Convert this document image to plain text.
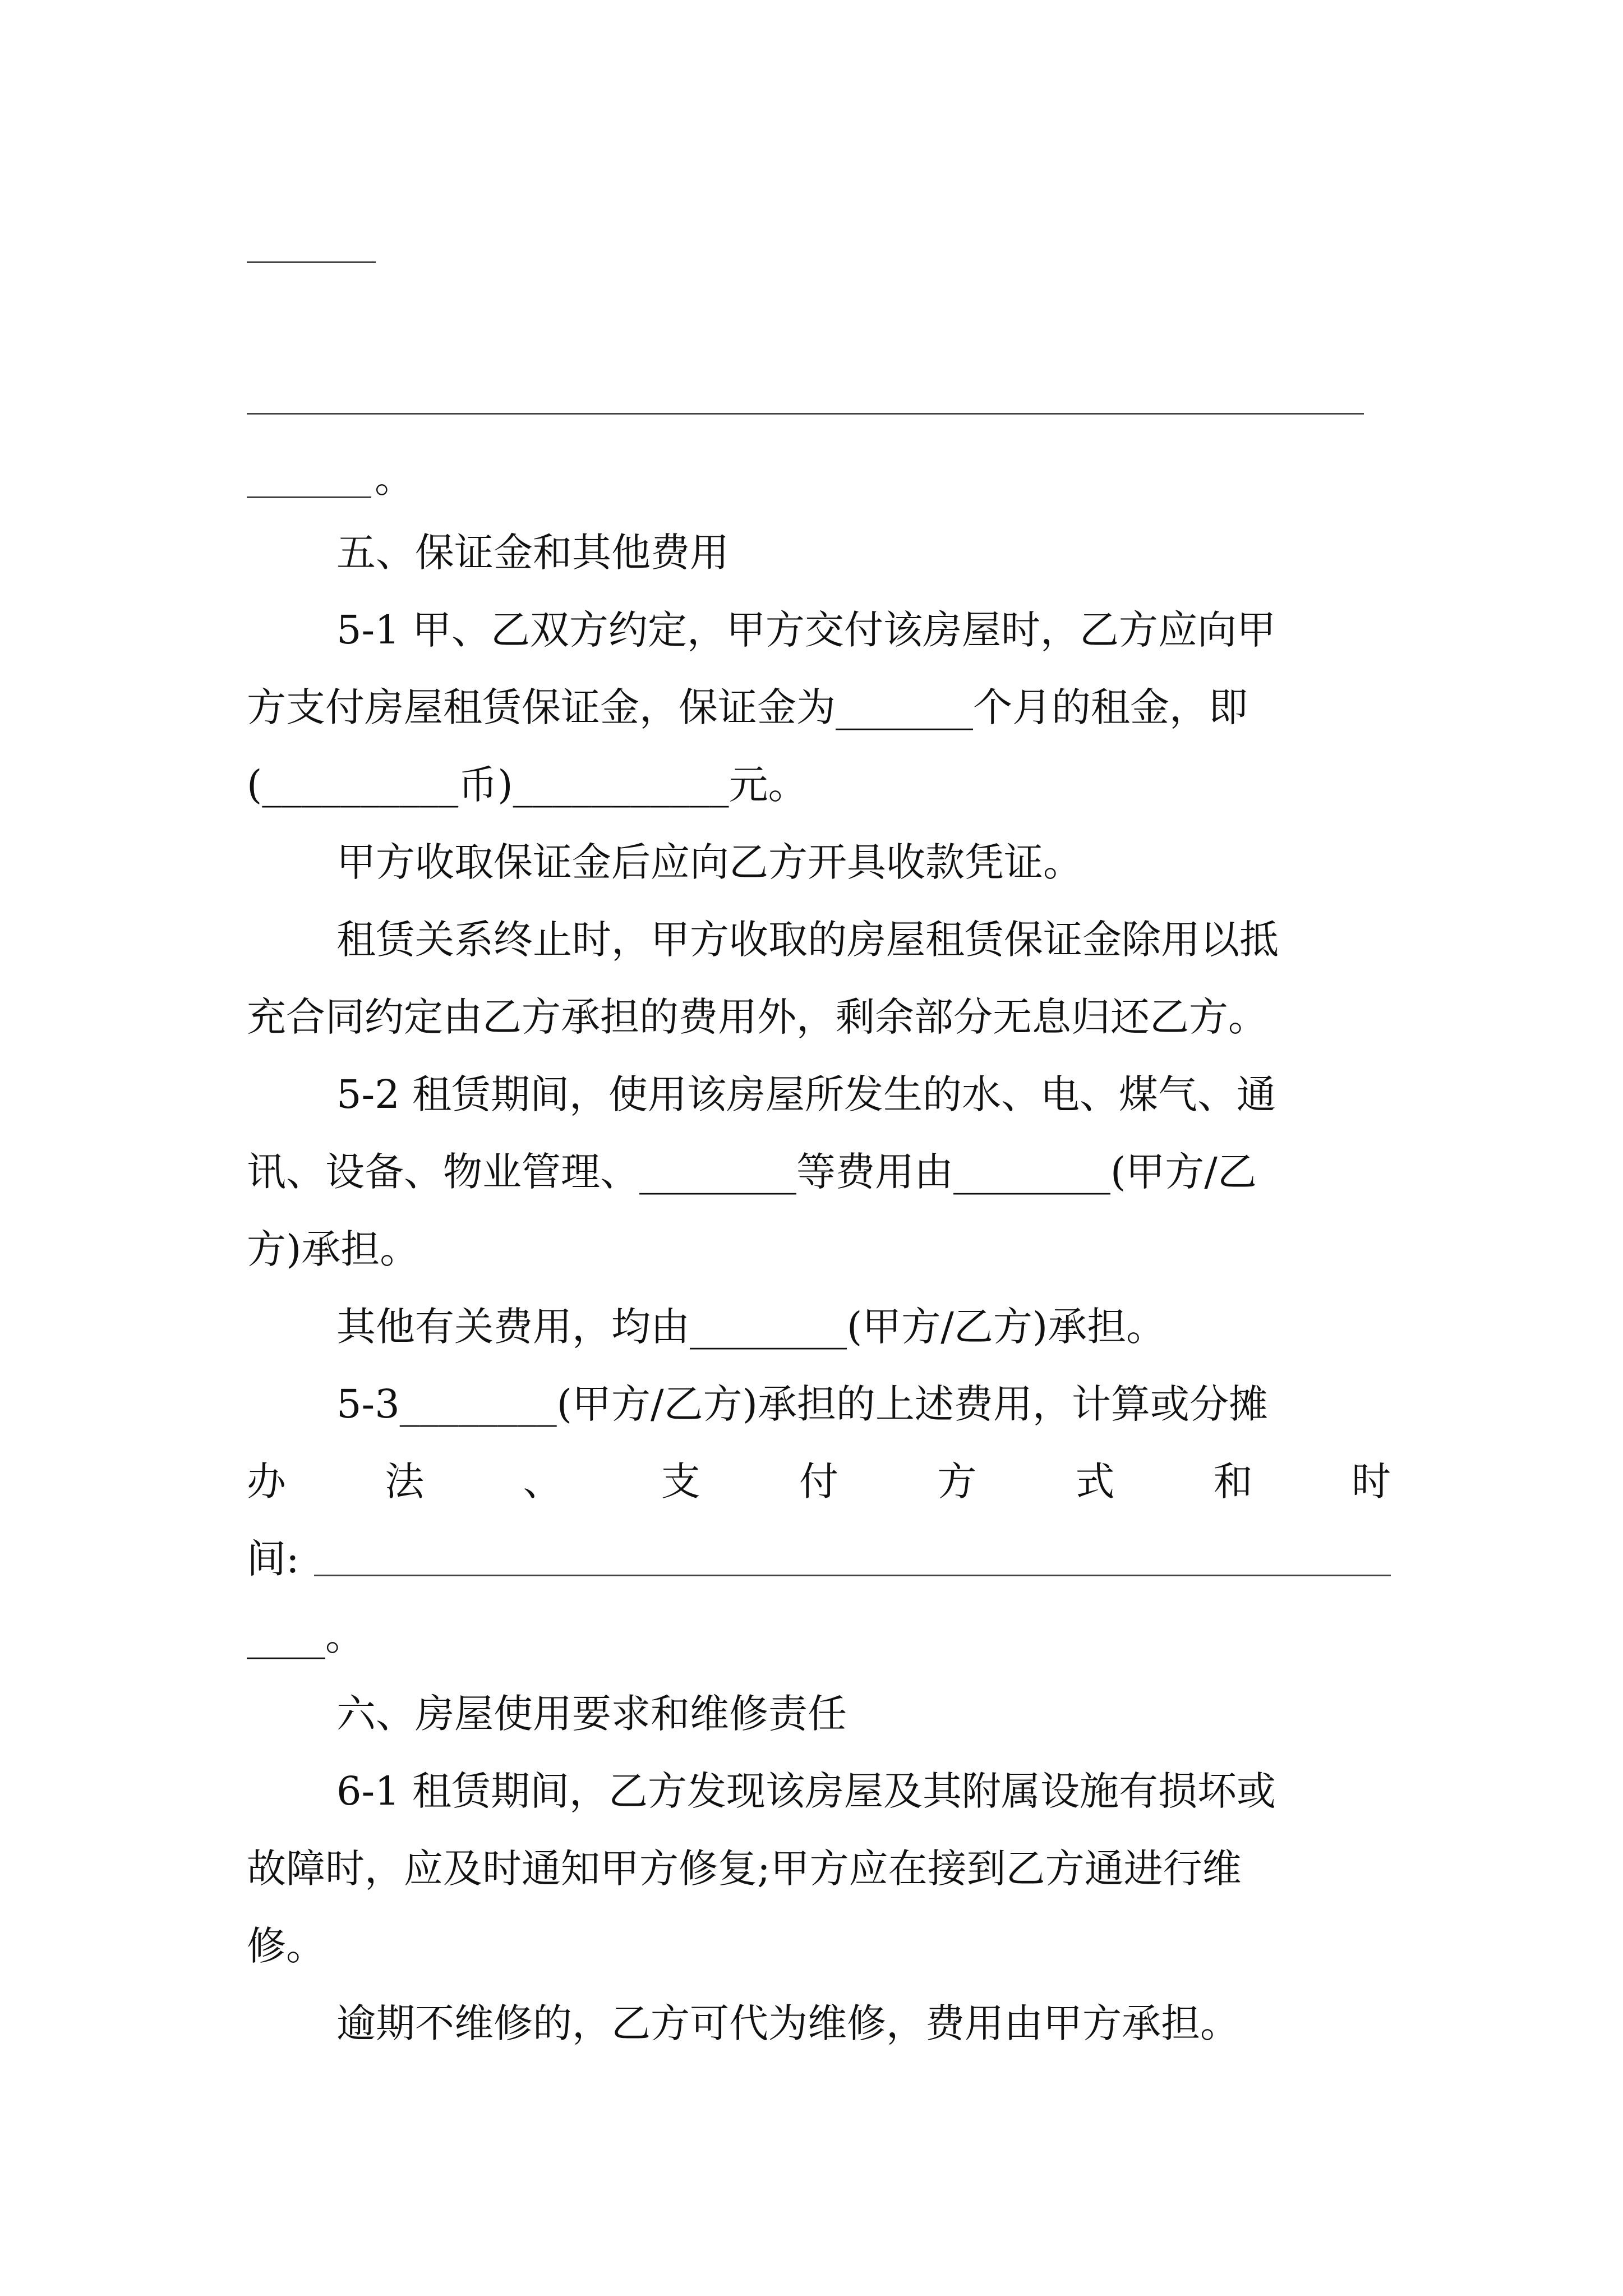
。
五、保证金和其他费用
5-1 甲、乙双方约定，甲方交付该房屋时，乙方应向甲
方支付房屋租赁保证金，保证金为_______个月的租金，即
(__________币)___________元。
甲方收取保证金后应向乙方开具收款凭证。
租赁关系终止时，甲方收取的房屋租赁保证金除用以抵
充合同约定由乙方承担的费用外，剩余部分无息归还乙方。
5-2 租赁期间，使用该房屋所发生的水、电、煤气、通
讯、设备、物业管理、________等费用由________(甲方/乙
方)承担。
其他有关费用，均由________(甲方/乙方)承担。
5-3________(甲方/乙方)承担的上述费用，计算或分摊
办	法	、	支	付	方	式	和	时
间:
____。
六、房屋使用要求和维修责任
6-1 租赁期间，乙方发现该房屋及其附属设施有损坏或
故障时，应及时通知甲方修复;甲方应在接到乙方通进行维
修。
逾期不维修的，乙方可代为维修，费用由甲方承担。
